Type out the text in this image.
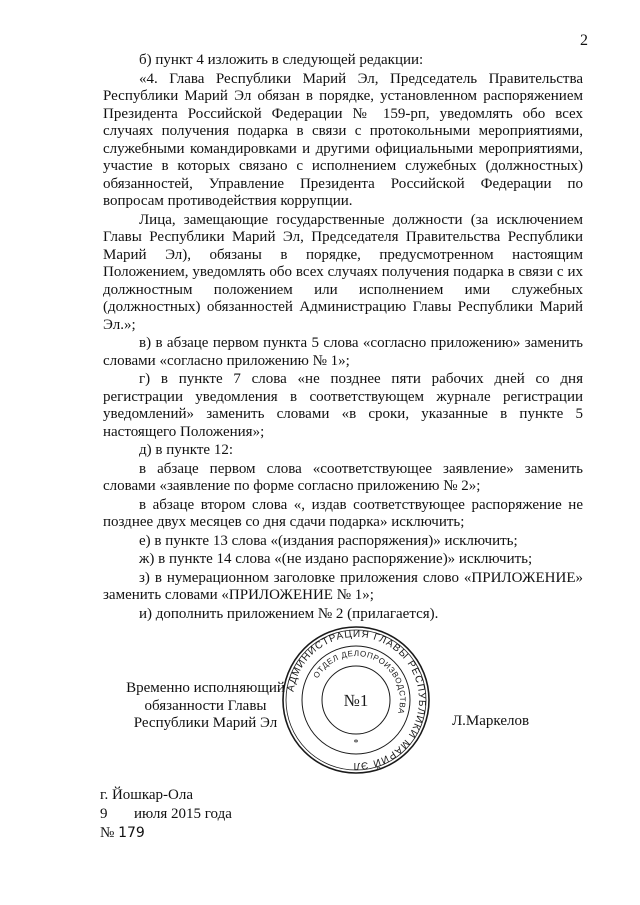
2

б) пункт 4 изложить в следующей редакции:

«4. Глава Республики Марий Эл, Председатель Правительства Республики Марий Эл обязан в порядке, установленном распоряжением Президента Российской Федерации № 159-рп, уведомлять обо всех случаях получения подарка в связи с протокольными мероприятиями, служебными командировками и другими официальными мероприятиями, участие в которых связано с исполнением служебных (должностных) обязанностей, Управление Президента Российской Федерации по вопросам противодействия коррупции.

Лица, замещающие государственные должности (за исключением Главы Республики Марий Эл, Председателя Правительства Республики Марий Эл), обязаны в порядке, предусмотренном настоящим Положением, уведомлять обо всех случаях получения подарка в связи с их должностным положением или исполнением ими служебных (должностных) обязанностей Администрацию Главы Республики Марий Эл.»;

в) в абзаце первом пункта 5 слова «согласно приложению» заменить словами «согласно приложению № 1»;

г) в пункте 7 слова «не позднее пяти рабочих дней со дня регистрации уведомления в соответствующем журнале регистрации уведомлений» заменить словами «в сроки, указанные в пункте 5 настоящего Положения»;

д) в пункте 12:

в абзаце первом слова «соответствующее заявление» заменить словами «заявление по форме согласно приложению № 2»;

в абзаце втором слова «, издав соответствующее распоряжение не позднее двух месяцев со дня сдачи подарка» исключить;

е) в пункте 13 слова «(издания распоряжения)» исключить;

ж) в пункте 14 слова «(не издано распоряжение)» исключить;

з) в нумерационном заголовке приложения слово «ПРИЛОЖЕНИЕ» заменить словами «ПРИЛОЖЕНИЕ № 1»;

и) дополнить приложением № 2 (прилагается).

Временно исполняющий
обязанности Главы
Республики Марий Эл
АДМИНИСТРАЦИЯ ГЛАВЫ РЕСПУБЛИКИ МАРИЙ ЭЛ
ОТДЕЛ ДЕЛОПРОИЗВОДСТВА
№1
*
Л.Маркелов
г. Йошкар-Ола
9 июля 2015 года
№ 179
